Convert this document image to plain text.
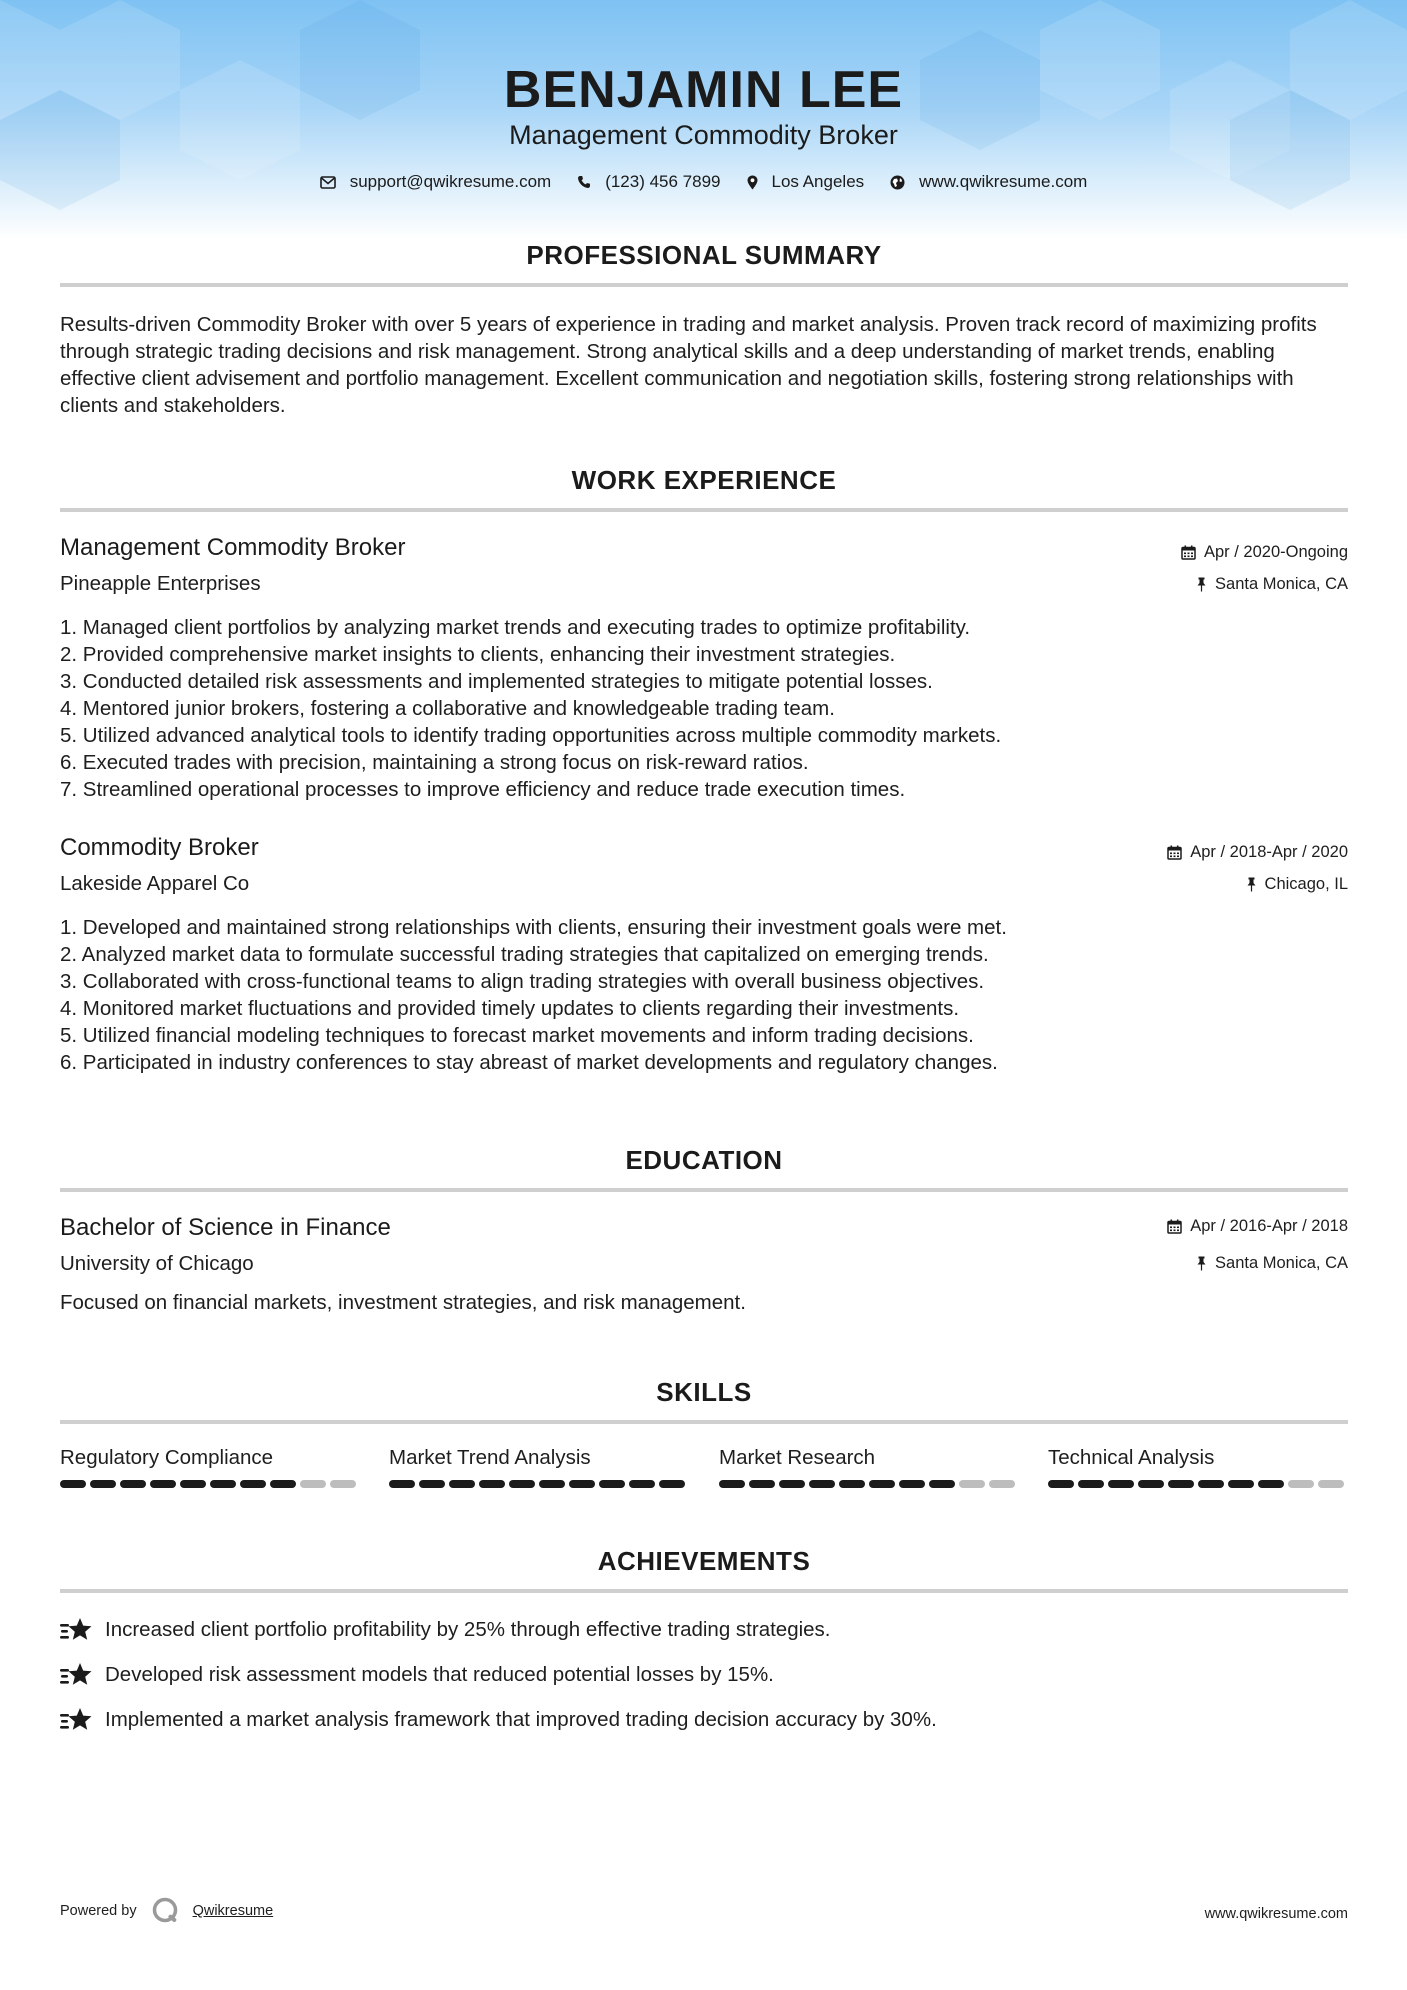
BENJAMIN LEE
Management Commodity Broker
support@qwikresume.com	(123) 456 7899	Los Angeles	www.qwikresume.com
PROFESSIONAL SUMMARY
Results-driven Commodity Broker with over 5 years of experience in trading and market analysis. Proven track record of maximizing profits through strategic trading decisions and risk management. Strong analytical skills and a deep understanding of market trends, enabling effective client advisement and portfolio management. Excellent communication and negotiation skills, fostering strong relationships with clients and stakeholders.
WORK EXPERIENCE
Management Commodity Broker	Apr / 2020-Ongoing
Pineapple Enterprises	Santa Monica, CA
1. Managed client portfolios by analyzing market trends and executing trades to optimize profitability.
2. Provided comprehensive market insights to clients, enhancing their investment strategies.
3. Conducted detailed risk assessments and implemented strategies to mitigate potential losses.
4. Mentored junior brokers, fostering a collaborative and knowledgeable trading team.
5. Utilized advanced analytical tools to identify trading opportunities across multiple commodity markets.
6. Executed trades with precision, maintaining a strong focus on risk-reward ratios.
7. Streamlined operational processes to improve efficiency and reduce trade execution times.
Commodity Broker	Apr / 2018-Apr / 2020
Lakeside Apparel Co	Chicago, IL
1. Developed and maintained strong relationships with clients, ensuring their investment goals were met.
2. Analyzed market data to formulate successful trading strategies that capitalized on emerging trends.
3. Collaborated with cross-functional teams to align trading strategies with overall business objectives.
4. Monitored market fluctuations and provided timely updates to clients regarding their investments.
5. Utilized financial modeling techniques to forecast market movements and inform trading decisions.
6. Participated in industry conferences to stay abreast of market developments and regulatory changes.
EDUCATION
Bachelor of Science in Finance	Apr / 2016-Apr / 2018
University of Chicago	Santa Monica, CA
Focused on financial markets, investment strategies, and risk management.
SKILLS
Regulatory Compliance	Market Trend Analysis	Market Research	Technical Analysis
ACHIEVEMENTS
Increased client portfolio profitability by 25% through effective trading strategies.
Developed risk assessment models that reduced potential losses by 15%.
Implemented a market analysis framework that improved trading decision accuracy by 30%.
Powered by	Qwikresume	www.qwikresume.com
